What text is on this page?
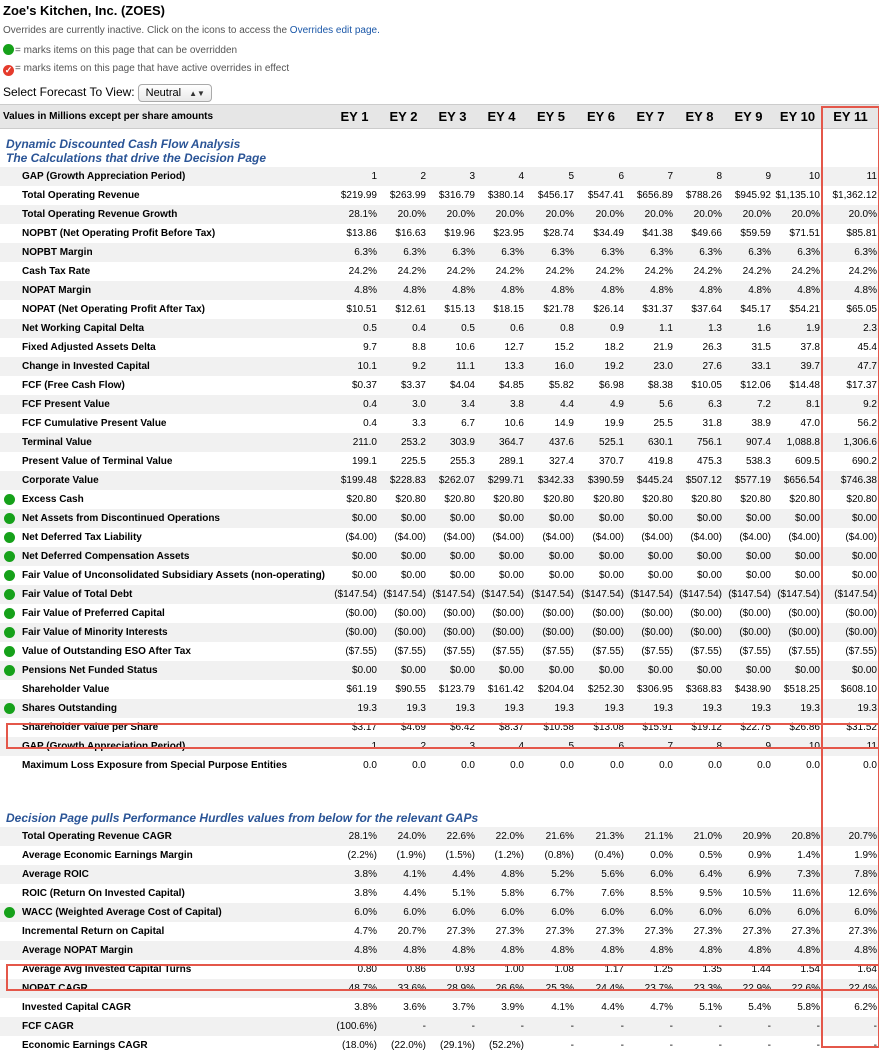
Zoe's Kitchen, Inc. (ZOES)
Overrides are currently inactive. Click on the icons to access the Overrides edit page.
= marks items on this page that can be overridden
✓ = marks items on this page that have active overrides in effect
Select Forecast To View: Neutral ▲▼
Values in Millions except per share amounts	EY 1	EY 2	EY 3	EY 4	EY 5	EY 6	EY 7	EY 8	EY 9	EY 10	EY 11

Dynamic Discounted Cash Flow Analysis
The Calculations that drive the Decision Page											

GAP (Growth Appreciation Period)	1	2	3	4	5	6	7	8	9	10	11
Total Operating Revenue	$219.99	$263.99	$316.79	$380.14	$456.17	$547.41	$656.89	$788.26	$945.92	$1,135.10	$1,362.12
Total Operating Revenue Growth	28.1%	20.0%	20.0%	20.0%	20.0%	20.0%	20.0%	20.0%	20.0%	20.0%	20.0%
NOPBT (Net Operating Profit Before Tax)	$13.86	$16.63	$19.96	$23.95	$28.74	$34.49	$41.38	$49.66	$59.59	$71.51	$85.81
NOPBT Margin	6.3%	6.3%	6.3%	6.3%	6.3%	6.3%	6.3%	6.3%	6.3%	6.3%	6.3%
Cash Tax Rate	24.2%	24.2%	24.2%	24.2%	24.2%	24.2%	24.2%	24.2%	24.2%	24.2%	24.2%
NOPAT Margin	4.8%	4.8%	4.8%	4.8%	4.8%	4.8%	4.8%	4.8%	4.8%	4.8%	4.8%
NOPAT (Net Operating Profit After Tax)	$10.51	$12.61	$15.13	$18.15	$21.78	$26.14	$31.37	$37.64	$45.17	$54.21	$65.05
Net Working Capital Delta	0.5	0.4	0.5	0.6	0.8	0.9	1.1	1.3	1.6	1.9	2.3
Fixed Adjusted Assets Delta	9.7	8.8	10.6	12.7	15.2	18.2	21.9	26.3	31.5	37.8	45.4
Change in Invested Capital	10.1	9.2	11.1	13.3	16.0	19.2	23.0	27.6	33.1	39.7	47.7
FCF (Free Cash Flow)	$0.37	$3.37	$4.04	$4.85	$5.82	$6.98	$8.38	$10.05	$12.06	$14.48	$17.37
FCF Present Value	0.4	3.0	3.4	3.8	4.4	4.9	5.6	6.3	7.2	8.1	9.2
FCF Cumulative Present Value	0.4	3.3	6.7	10.6	14.9	19.9	25.5	31.8	38.9	47.0	56.2
Terminal Value	211.0	253.2	303.9	364.7	437.6	525.1	630.1	756.1	907.4	1,088.8	1,306.6
Present Value of Terminal Value	199.1	225.5	255.3	289.1	327.4	370.7	419.8	475.3	538.3	609.5	690.2
Corporate Value	$199.48	$228.83	$262.07	$299.71	$342.33	$390.59	$445.24	$507.12	$577.19	$656.54	$746.38

Excess Cash	$20.80	$20.80	$20.80	$20.80	$20.80	$20.80	$20.80	$20.80	$20.80	$20.80	$20.80

Net Assets from Discontinued Operations	$0.00	$0.00	$0.00	$0.00	$0.00	$0.00	$0.00	$0.00	$0.00	$0.00	$0.00

Net Deferred Tax Liability	($4.00)	($4.00)	($4.00)	($4.00)	($4.00)	($4.00)	($4.00)	($4.00)	($4.00)	($4.00)	($4.00)

Net Deferred Compensation Assets	$0.00	$0.00	$0.00	$0.00	$0.00	$0.00	$0.00	$0.00	$0.00	$0.00	$0.00

Fair Value of Unconsolidated Subsidiary Assets (non-operating)	$0.00	$0.00	$0.00	$0.00	$0.00	$0.00	$0.00	$0.00	$0.00	$0.00	$0.00

Fair Value of Total Debt	($147.54)	($147.54)	($147.54)	($147.54)	($147.54)	($147.54)	($147.54)	($147.54)	($147.54)	($147.54)	($147.54)

Fair Value of Preferred Capital	($0.00)	($0.00)	($0.00)	($0.00)	($0.00)	($0.00)	($0.00)	($0.00)	($0.00)	($0.00)	($0.00)

Fair Value of Minority Interests	($0.00)	($0.00)	($0.00)	($0.00)	($0.00)	($0.00)	($0.00)	($0.00)	($0.00)	($0.00)	($0.00)

Value of Outstanding ESO After Tax	($7.55)	($7.55)	($7.55)	($7.55)	($7.55)	($7.55)	($7.55)	($7.55)	($7.55)	($7.55)	($7.55)

Pensions Net Funded Status	$0.00	$0.00	$0.00	$0.00	$0.00	$0.00	$0.00	$0.00	$0.00	$0.00	$0.00
Shareholder Value	$61.19	$90.55	$123.79	$161.42	$204.04	$252.30	$306.95	$368.83	$438.90	$518.25	$608.10

Shares Outstanding	19.3	19.3	19.3	19.3	19.3	19.3	19.3	19.3	19.3	19.3	19.3
Shareholder Value per Share	$3.17	$4.69	$6.42	$8.37	$10.58	$13.08	$15.91	$19.12	$22.75	$26.86	$31.52
GAP (Growth Appreciation Period)	1	2	3	4	5	6	7	8	9	10	11
Maximum Loss Exposure from Special Purpose Entities	0.0	0.0	0.0	0.0	0.0	0.0	0.0	0.0	0.0	0.0	0.0

Decision Page pulls Performance Hurdles values from below for the relevant GAPs											

Total Operating Revenue CAGR	28.1%	24.0%	22.6%	22.0%	21.6%	21.3%	21.1%	21.0%	20.9%	20.8%	20.7%
Average Economic Earnings Margin	(2.2%)	(1.9%)	(1.5%)	(1.2%)	(0.8%)	(0.4%)	0.0%	0.5%	0.9%	1.4%	1.9%
Average ROIC	3.8%	4.1%	4.4%	4.8%	5.2%	5.6%	6.0%	6.4%	6.9%	7.3%	7.8%
ROIC (Return On Invested Capital)	3.8%	4.4%	5.1%	5.8%	6.7%	7.6%	8.5%	9.5%	10.5%	11.6%	12.6%

WACC (Weighted Average Cost of Capital)	6.0%	6.0%	6.0%	6.0%	6.0%	6.0%	6.0%	6.0%	6.0%	6.0%	6.0%
Incremental Return on Capital	4.7%	20.7%	27.3%	27.3%	27.3%	27.3%	27.3%	27.3%	27.3%	27.3%	27.3%
Average NOPAT Margin	4.8%	4.8%	4.8%	4.8%	4.8%	4.8%	4.8%	4.8%	4.8%	4.8%	4.8%
Average Avg Invested Capital Turns	0.80	0.86	0.93	1.00	1.08	1.17	1.25	1.35	1.44	1.54	1.64
NOPAT CAGR	48.7%	33.6%	28.9%	26.6%	25.3%	24.4%	23.7%	23.3%	22.9%	22.6%	22.4%
Invested Capital CAGR	3.8%	3.6%	3.7%	3.9%	4.1%	4.4%	4.7%	5.1%	5.4%	5.8%	6.2%
FCF CAGR	(100.6%)	-	-	-	-	-	-	-	-	-	-
Economic Earnings CAGR	(18.0%)	(22.0%)	(29.1%)	(52.2%)	-	-	-	-	-	-	-
